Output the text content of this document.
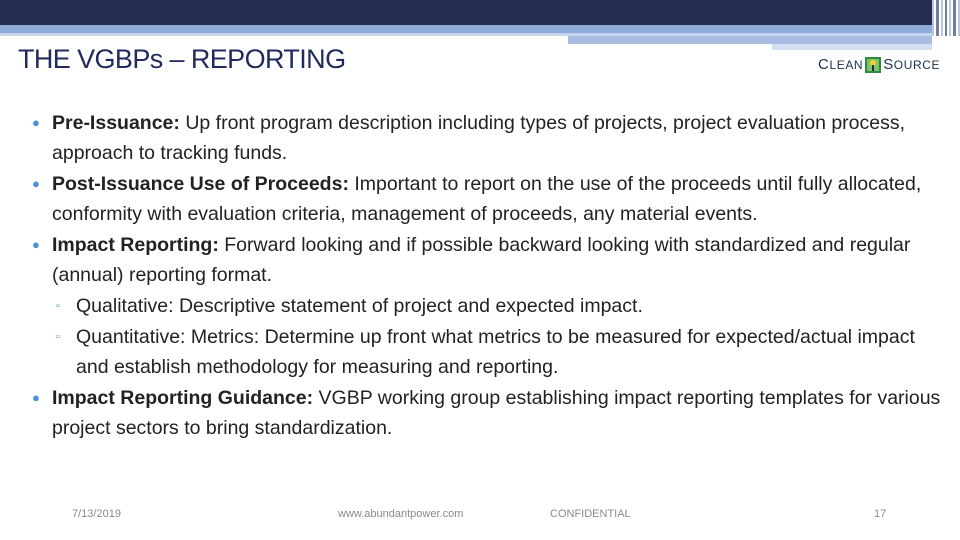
THE VGBPs – REPORTING	C LEAN S OURCE
● Pre-Issuance: Up front program description including types of projects, project evaluation process, approach to tracking funds.
● Post-Issuance Use of Proceeds: Important to report on the use of the proceeds until fully allocated, conformity with evaluation criteria, management of proceeds, any material events.
● Impact Reporting: Forward looking and if possible backward looking with standardized and regular (annual) reporting format.
▫ Qualitative: Descriptive statement of project and expected impact.
▫ Quantitative: Metrics: Determine up front what metrics to be measured for expected/actual impact and establish methodology for measuring and reporting.
● Impact Reporting Guidance: VGBP working group establishing impact reporting templates for various project sectors to bring standardization.
7/13/2019	www.abundantpower.com	CONFIDENTIAL	17
